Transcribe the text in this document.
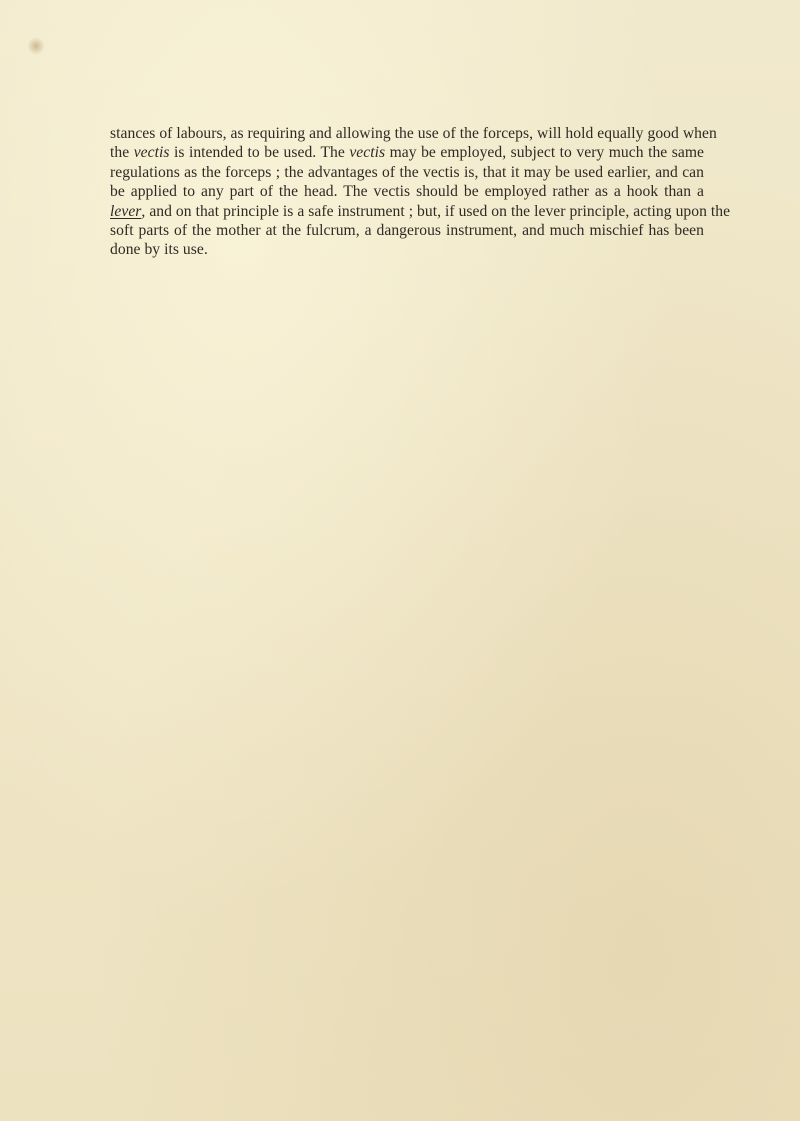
stances of labours, as requiring and allowing the use of the forceps, will hold equally good when
the vectis is intended to be used. The vectis may be employed, subject to very much the same
regulations as the forceps ; the advantages of the vectis is, that it may be used earlier, and can
be applied to any part of the head. The vectis should be employed rather as a hook than a
lever, and on that principle is a safe instrument ; but, if used on the lever principle, acting upon the
soft parts of the mother at the fulcrum, a dangerous instrument, and much mischief has been
done by its use.
